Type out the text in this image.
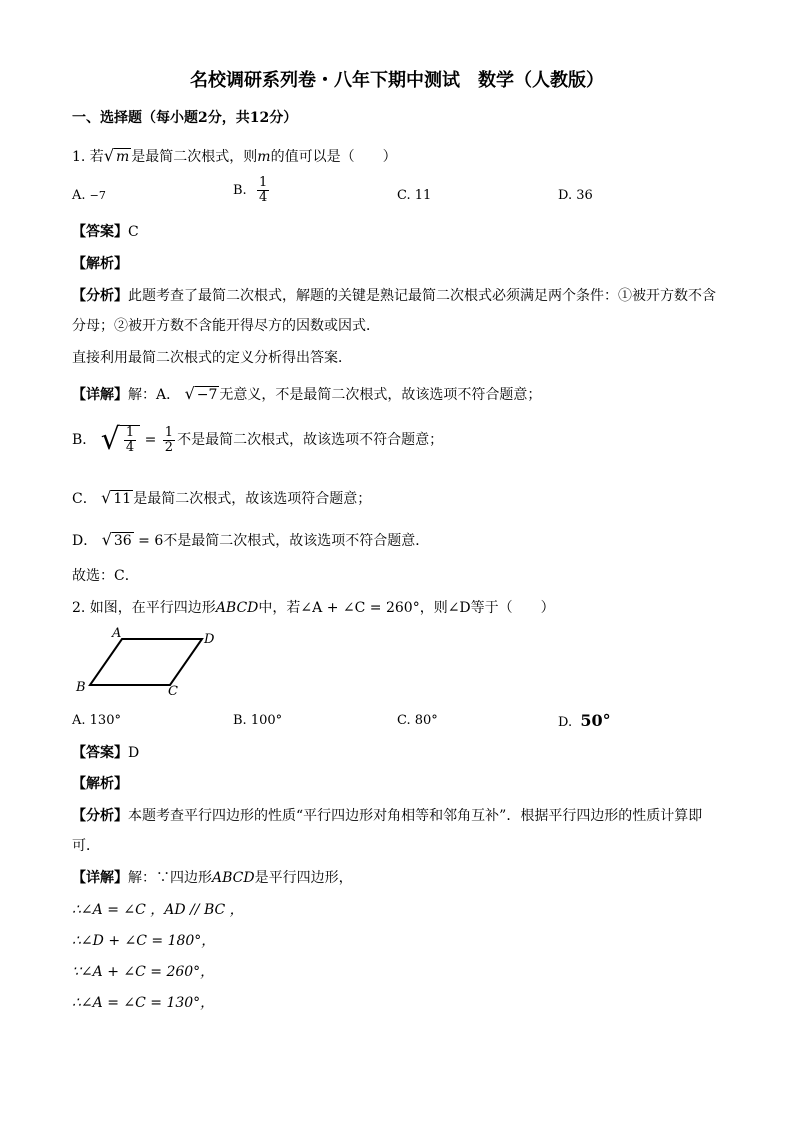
名校调研系列卷・八年下期中测试　数学（人教版）
一、选择题（每小题2分，共12分）
1. 若 √ m 是最简二次根式，则m的值可以是（　　）
A. −7	B.
$\frac{1}{4}$	C. 11	D. 36
【答案】C
【解析】
【分析】此题考查了最简二次根式，解题的关键是熟记最简二次根式必须满足两个条件：①被开方数不含
分母；②被开方数不含能开得尽方的因数或因式．
直接利用最简二次根式的定义分析得出答案．
【详解】解：A． √ −7 无意义，不是最简二次根式，故该选项不符合题意；
B．
√ $\frac{1}{4}$
=
$\frac{1}{2}$ 不是最简二次根式，故该选项不符合题意；
C． √ 11 是最简二次根式，故该选项符合题意；
D． √ 36 = 6不是最简二次根式，故该选项不符合题意．
故选：C．
2. 如图，在平行四边形ABCD中，若∠A + ∠C = 260°，则∠D等于（　　）
A	D
B	C
A. 130°	B. 100°	C. 80°	D. 50°
【答案】D
【解析】
【分析】本题考查平行四边形的性质“平行四边形对角相等和邻角互补”．根据平行四边形的性质计算即
可．
【详解】解：∵四边形ABCD是平行四边形，
∴∠A = ∠C ，AD // BC ，
∴∠D + ∠C = 180°，
∵∠A + ∠C = 260°，
∴∠A = ∠C = 130°，
